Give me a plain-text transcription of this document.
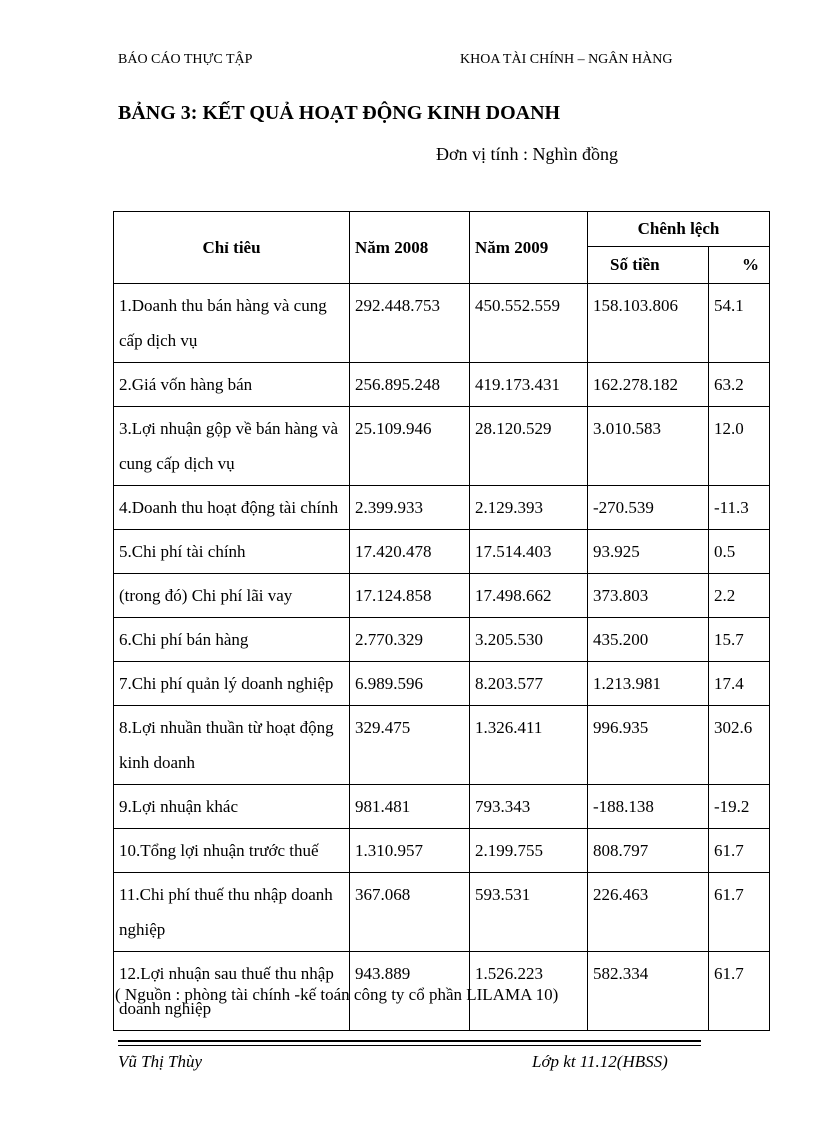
BÁO CÁO THỰC TẬP	KHOA TÀI CHÍNH – NGÂN HÀNG
BẢNG 3: KẾT QUẢ HOẠT ĐỘNG KINH DOANH
Đơn vị tính : Nghìn đồng
Chỉ tiêu	Năm 2008	Năm 2009	Chênh lệch	
			Số tiền	%
1.Doanh thu bán hàng và cung cấp dịch vụ	292.448.753	450.552.559	158.103.806	54.1
2.Giá vốn hàng bán	256.895.248	419.173.431	162.278.182	63.2
3.Lợi nhuận gộp về bán hàng và cung cấp dịch vụ	25.109.946	28.120.529	3.010.583	12.0
4.Doanh thu hoạt động tài chính	2.399.933	2.129.393	-270.539	-11.3
5.Chi phí tài chính	17.420.478	17.514.403	93.925	0.5
(trong đó) Chi phí lãi vay	17.124.858	17.498.662	373.803	2.2
6.Chi phí bán hàng	2.770.329	3.205.530	435.200	15.7
7.Chi phí quản lý doanh nghiệp	6.989.596	8.203.577	1.213.981	17.4
8.Lợi nhuần thuần từ hoạt động kinh doanh	329.475	1.326.411	996.935	302.6
9.Lợi nhuận khác	981.481	793.343	-188.138	-19.2
10.Tổng lợi nhuận trước thuế	1.310.957	2.199.755	808.797	61.7
11.Chi phí thuế thu nhập doanh nghiệp	367.068	593.531	226.463	61.7
12.Lợi nhuận sau thuế thu nhập doanh nghiệp	943.889	1.526.223	582.334	61.7
( Nguồn : phòng tài chính -kế toán công ty cổ phần LILAMA 10)
Vũ Thị Thùy	Lớp kt 11.12(HBSS)
